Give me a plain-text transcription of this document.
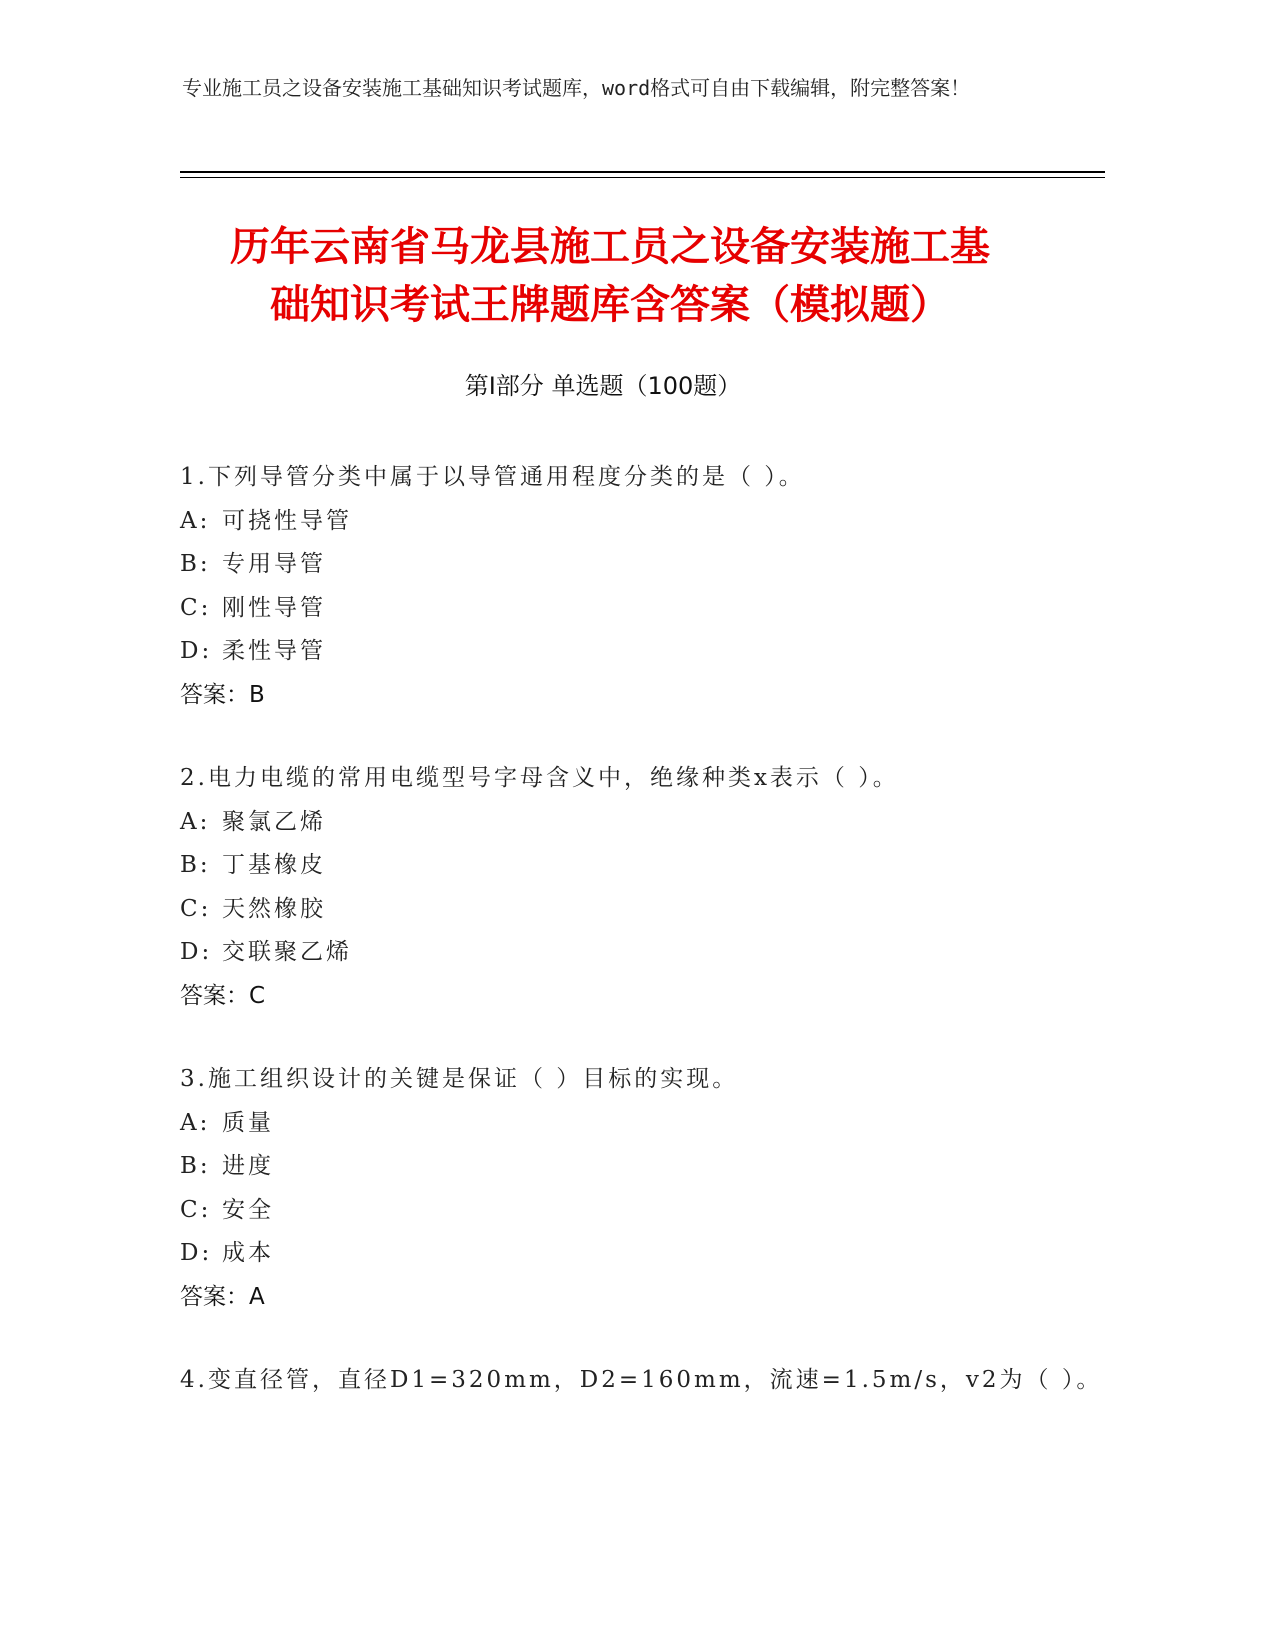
专业施工员之设备安装施工基础知识考试题库，word格式可自由下载编辑，附完整答案！
历年云南省马龙县施工员之设备安装施工基
础知识考试王牌题库含答案（模拟题）
第Ⅰ部分 单选题（100题）
1.下列导管分类中属于以导管通用程度分类的是（ ）。
A: 可挠性导管
B: 专用导管
C: 刚性导管
D: 柔性导管
答案：B
2.电力电缆的常用电缆型号字母含义中，绝缘种类x表示（ ）。
A: 聚氯乙烯
B: 丁基橡皮
C: 天然橡胶
D: 交联聚乙烯
答案：C
3.施工组织设计的关键是保证（ ）目标的实现。
A: 质量
B: 进度
C: 安全
D: 成本
答案：A
4.变直径管，直径D1=320mm，D2=160mm，流速=1.5m/s，v2为（ ）。
